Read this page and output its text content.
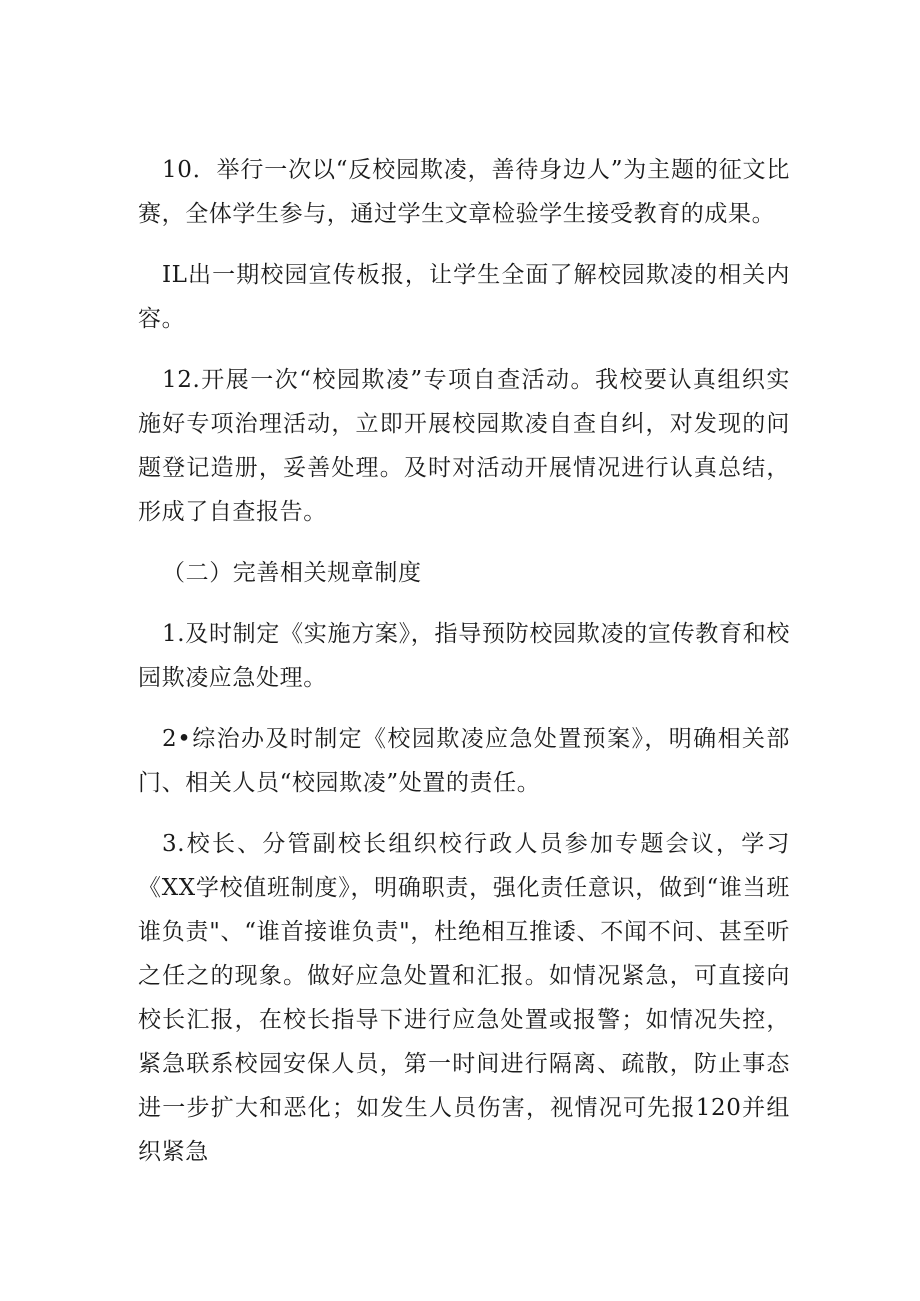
10．举行一次以“反校园欺凌，善待身边人”为主题的征文比赛，全体学生参与，通过学生文章检验学生接受教育的成果。

IL出一期校园宣传板报，让学生全面了解校园欺凌的相关内容。

12.开展一次“校园欺凌”专项自查活动。我校要认真组织实施好专项治理活动，立即开展校园欺凌自查自纠，对发现的问题登记造册，妥善处理。及时对活动开展情况进行认真总结，形成了自查报告。

（二）完善相关规章制度

1.及时制定《实施方案》，指导预防校园欺凌的宣传教育和校园欺凌应急处理。

2•综治办及时制定《校园欺凌应急处置预案》，明确相关部门、相关人员“校园欺凌”处置的责任。

3.校长、分管副校长组织校行政人员参加专题会议，学习《XX学校值班制度》，明确职责，强化责任意识，做到“谁当班谁负责"、“谁首接谁负责"，杜绝相互推诿、不闻不问、甚至听之任之的现象。做好应急处置和汇报。如情况紧急，可直接向校长汇报，在校长指导下进行应急处置或报警；如情况失控，紧急联系校园安保人员，第一时间进行隔离、疏散，防止事态进一步扩大和恶化；如发生人员伤害，视情况可先报120并组织紧急
